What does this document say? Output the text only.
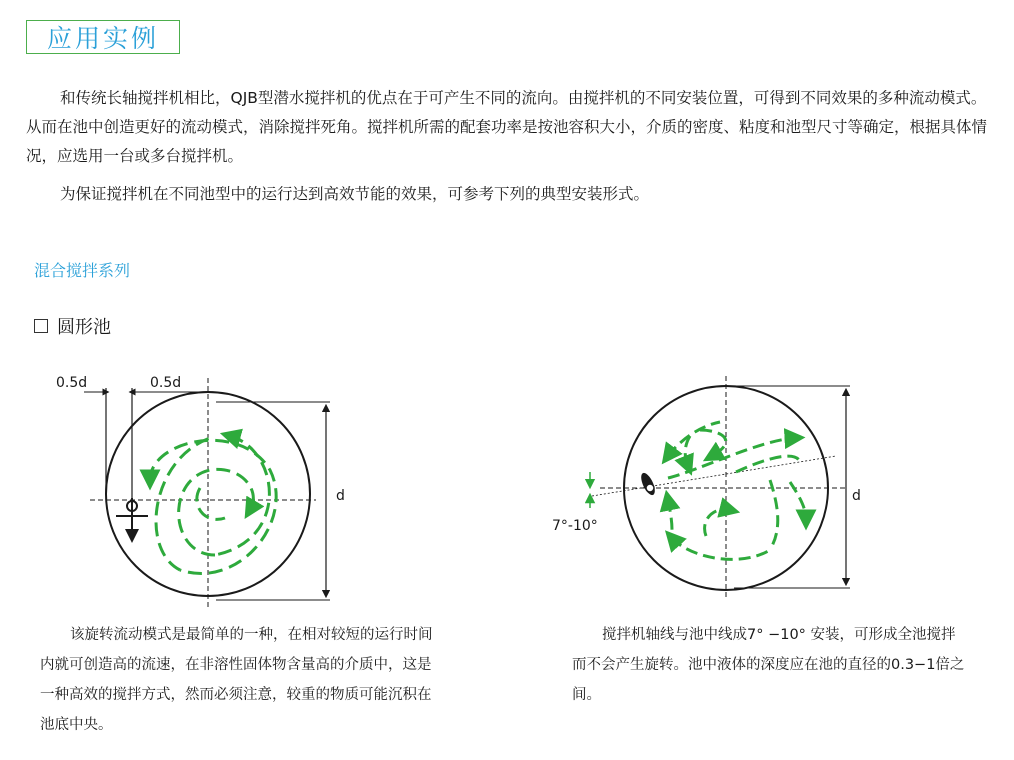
应用实例

和传统长轴搅拌机相比，QJB型潜水搅拌机的优点在于可产生不同的流向。由搅拌机的不同安装位置，可得到不同效果的多种流动模式。从而在池中创造更好的流动模式，消除搅拌死角。搅拌机所需的配套功率是按池容积大小，介质的密度、粘度和池型尺寸等确定，根据具体情况，应选用一台或多台搅拌机。

为保证搅拌机在不同池型中的运行达到高效节能的效果，可参考下列的典型安装形式。

混合搅拌系列
圆形池
0.5d	0.5d
d
7°-10°
d

该旋转流动模式是最简单的一种，在相对较短的运行时间内就可创造高的流速，在非溶性固体物含量高的介质中，这是一种高效的搅拌方式，然而必须注意，较重的物质可能沉积在池底中央。

搅拌机轴线与池中线成7° −10° 安装，可形成全池搅拌而不会产生旋转。池中液体的深度应在池的直径的0.3−1倍之间。
